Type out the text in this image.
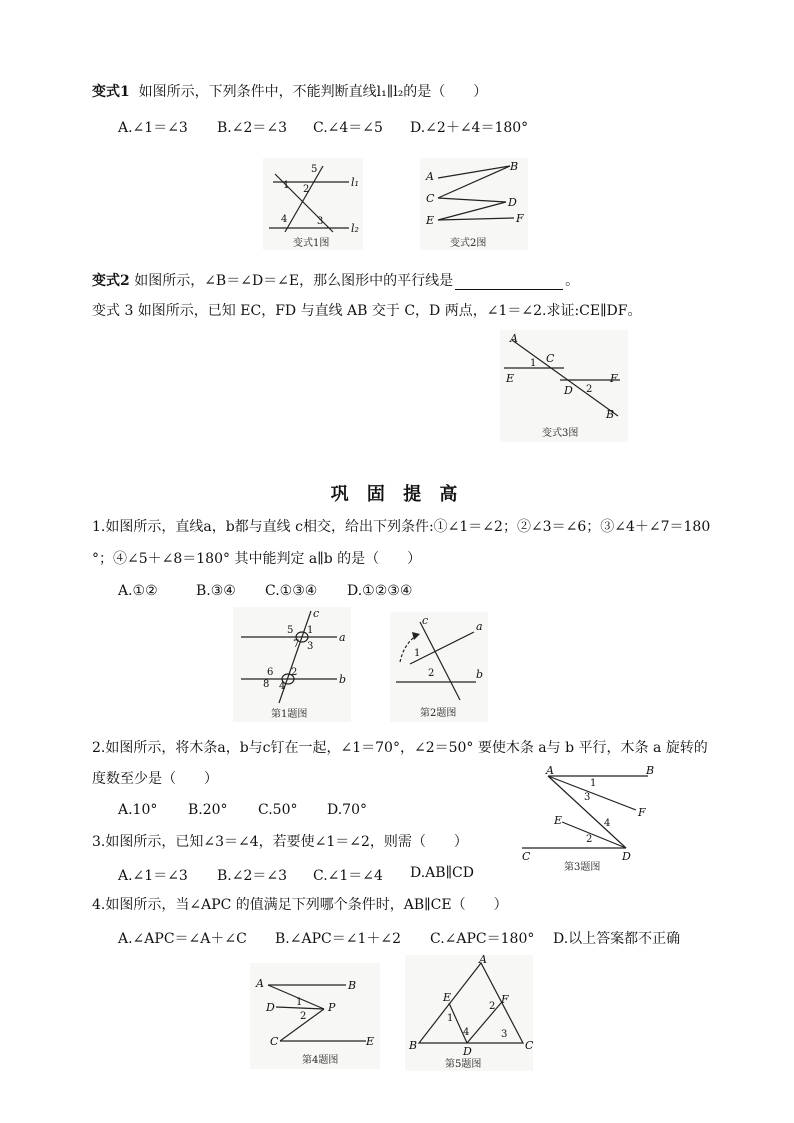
变式1 如图所示，下列条件中，不能判断直线l₁∥l₂的是（　　）
A.∠1＝∠3 B.∠2＝∠3 C.∠4＝∠5 D.∠2＋∠4＝180°
5
1 2
4	3
l₁
l₂
变式1图
A
B
C	D
E	F
变式2图
变式2 如图所示，∠B＝∠D＝∠E，那么图形中的平行线是	。
变式 3 如图所示，已知 EC，FD 与直线 AB 交于 C，D 两点，∠1＝∠2.求证:CE∥DF。
A
C
E
1
D 2
F
B
变式3图
巩 固 提 高
1.如图所示，直线a，b都与直线 c相交，给出下列条件:①∠1＝∠2；②∠3＝∠6；③∠4＋∠7＝180
°；④∠5＋∠8＝180° 其中能判定 a∥b 的是（　　）
A.①②	B.③④ C.①③④ D.①②③④
c
5 1
7 3
6 2
8 4
a
b
第1题图
c	a
b
1
2
第2题图
2.如图所示，将木条a，b与c钉在一起，∠1＝70°，∠2＝50° 要使木条 a与 b 平行，木条 a 旋转的
度数至少是（　　）
A.10° B.20° C.50° D.70°
A	B
1
3
F
E	4
2
C	D
第3题图
3.如图所示，已知∠3＝∠4，若要使∠1＝∠2，则需（　　）
A.∠1＝∠3 B.∠2＝∠3 C.∠1＝∠4 D.AB∥CD
4.如图所示，当∠APC 的值满足下列哪个条件时，AB∥CE（　　）
A.∠APC＝∠A＋∠C B.∠APC＝∠1＋∠2 C.∠APC＝180° D.以上答案都不正确
A	B
D 1
2
P
C	E
第4题图
A
E
2
F
1
4	3
B	D	C
第5题图
